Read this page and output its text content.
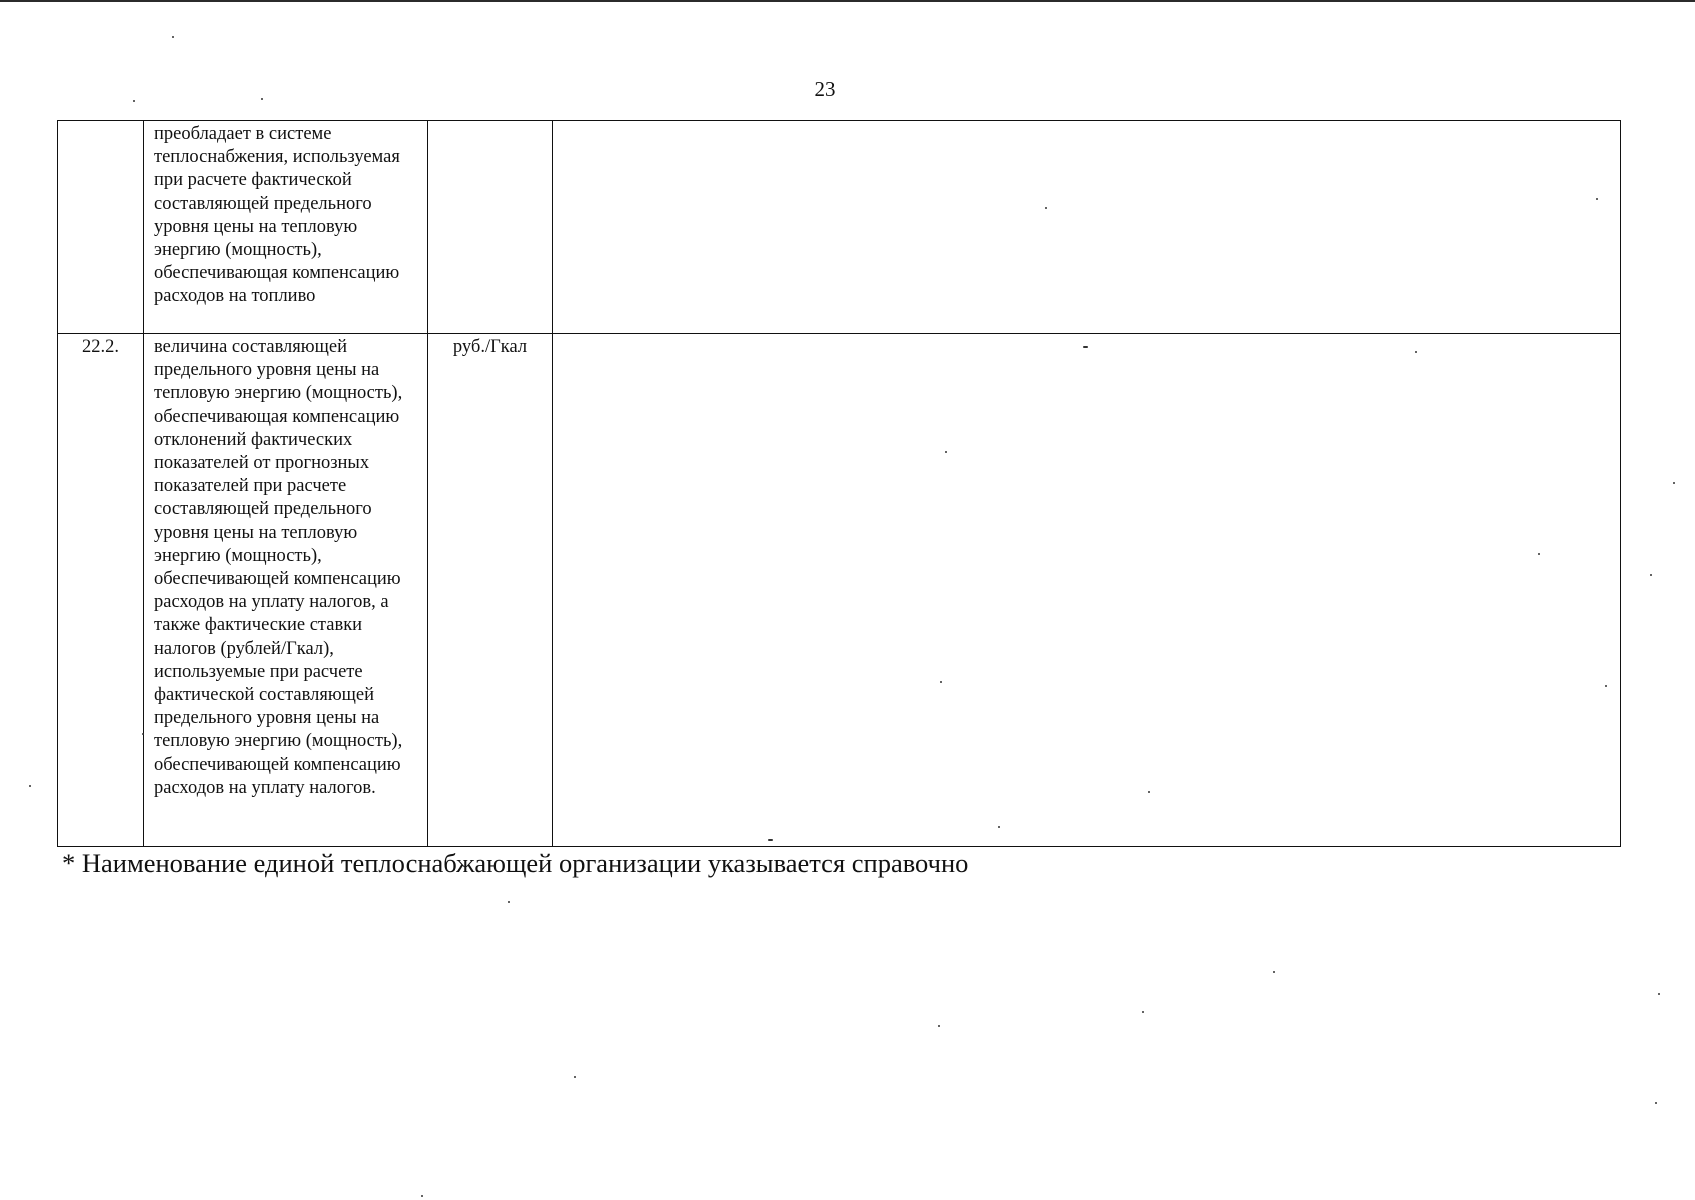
23
	преобладает в системе теплоснабжения, используемая при расчете фактической составляющей предельного уровня цены на тепловую энергию (мощность), обеспечивающая компенсацию расходов на топливо		
22.2.	величина составляющей предельного уровня цены на тепловую энергию (мощность), обеспечивающая компенсацию отклонений фактических показателей от прогнозных показателей при расчете составляющей предельного уровня цены на тепловую энергию (мощность), обеспечивающей компенсацию расходов на уплату налогов, а также фактические ставки налогов (рублей/Гкал), используемые при расчете фактической составляющей предельного уровня цены на тепловую энергию (мощность), обеспечивающей компенсацию расходов на уплату налогов.	руб./Гкал	
* Наименование единой теплоснабжающей организации указывается справочно
